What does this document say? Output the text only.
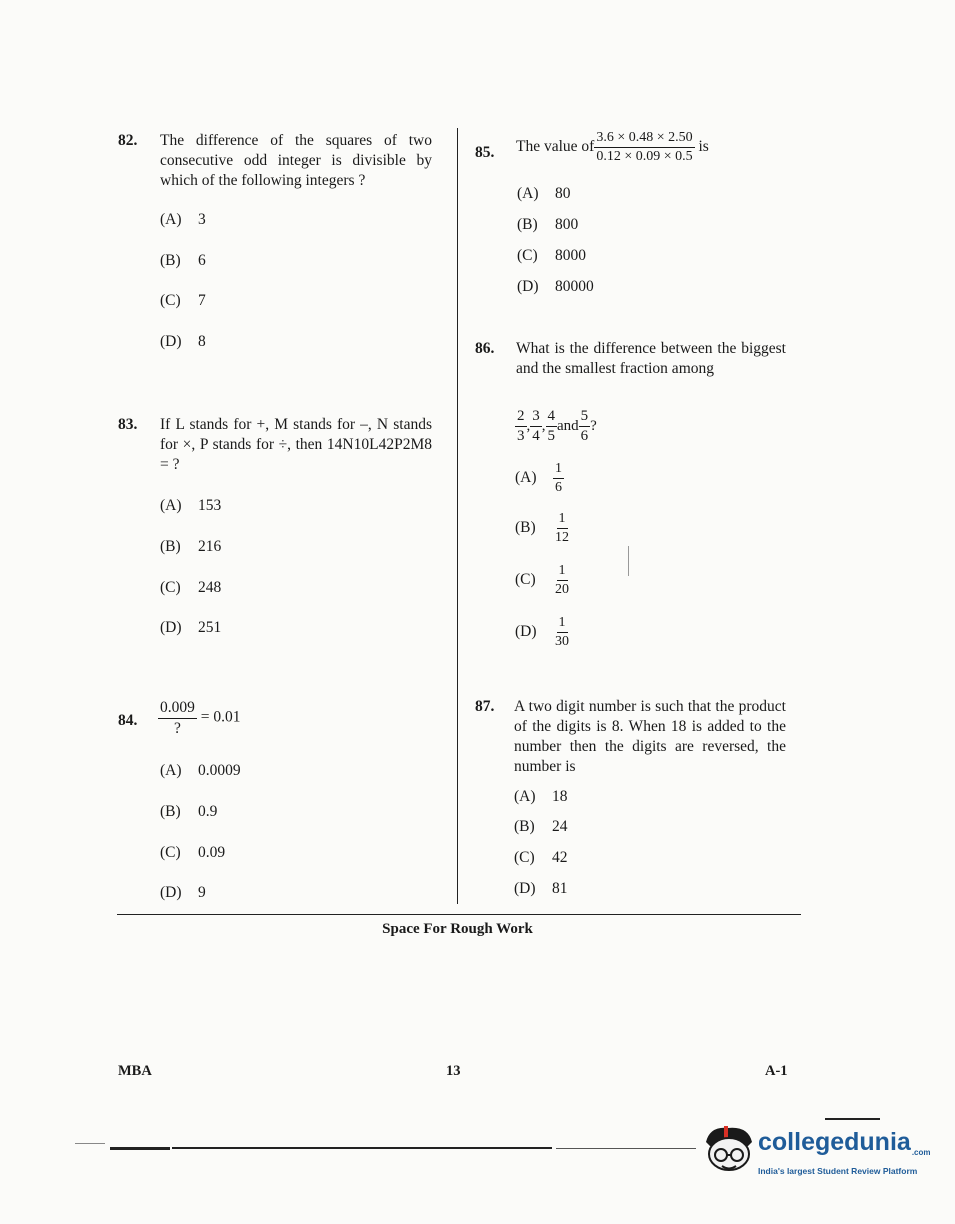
82. The difference of the squares of two consecutive odd integer is divisible by which of the following integers ?
(A) 3
(B) 6
(C) 7
(D) 8
83. If L stands for +, M stands for –, N stands for ×, P stands for ÷, then 14N10L42P2M8 = ?
(A) 153
(B) 216
(C) 248
(D) 251
84. $\frac{0.009}{?} = 0.01$
(A) 0.0009
(B) 0.9
(C) 0.09
(D) 9
85. The value of $\frac{3.6 \times 0.48 \times 2.50}{0.12 \times 0.09 \times 0.5}$ is
(A) 80
(B) 800
(C) 8000
(D) 80000
86. What is the difference between the biggest and the smallest fraction among
$\frac{2}{3}$ , $\frac{3}{4}$ , $\frac{4}{5}$ and $\frac{5}{6}$ ?
$(A) \frac{1}{6}$
$(B) \frac{1}{12}$
$(C) \frac{1}{20}$
$(D) \frac{1}{30}$
87. A two digit number is such that the product of the digits is 8. When 18 is added to the number then the digits are reversed, the number is
(A) 18
(B) 24
(C) 42
(D) 81
Space For Rough Work
MBA	13	A-1
collegedunia.com
India's largest Student Review Platform
